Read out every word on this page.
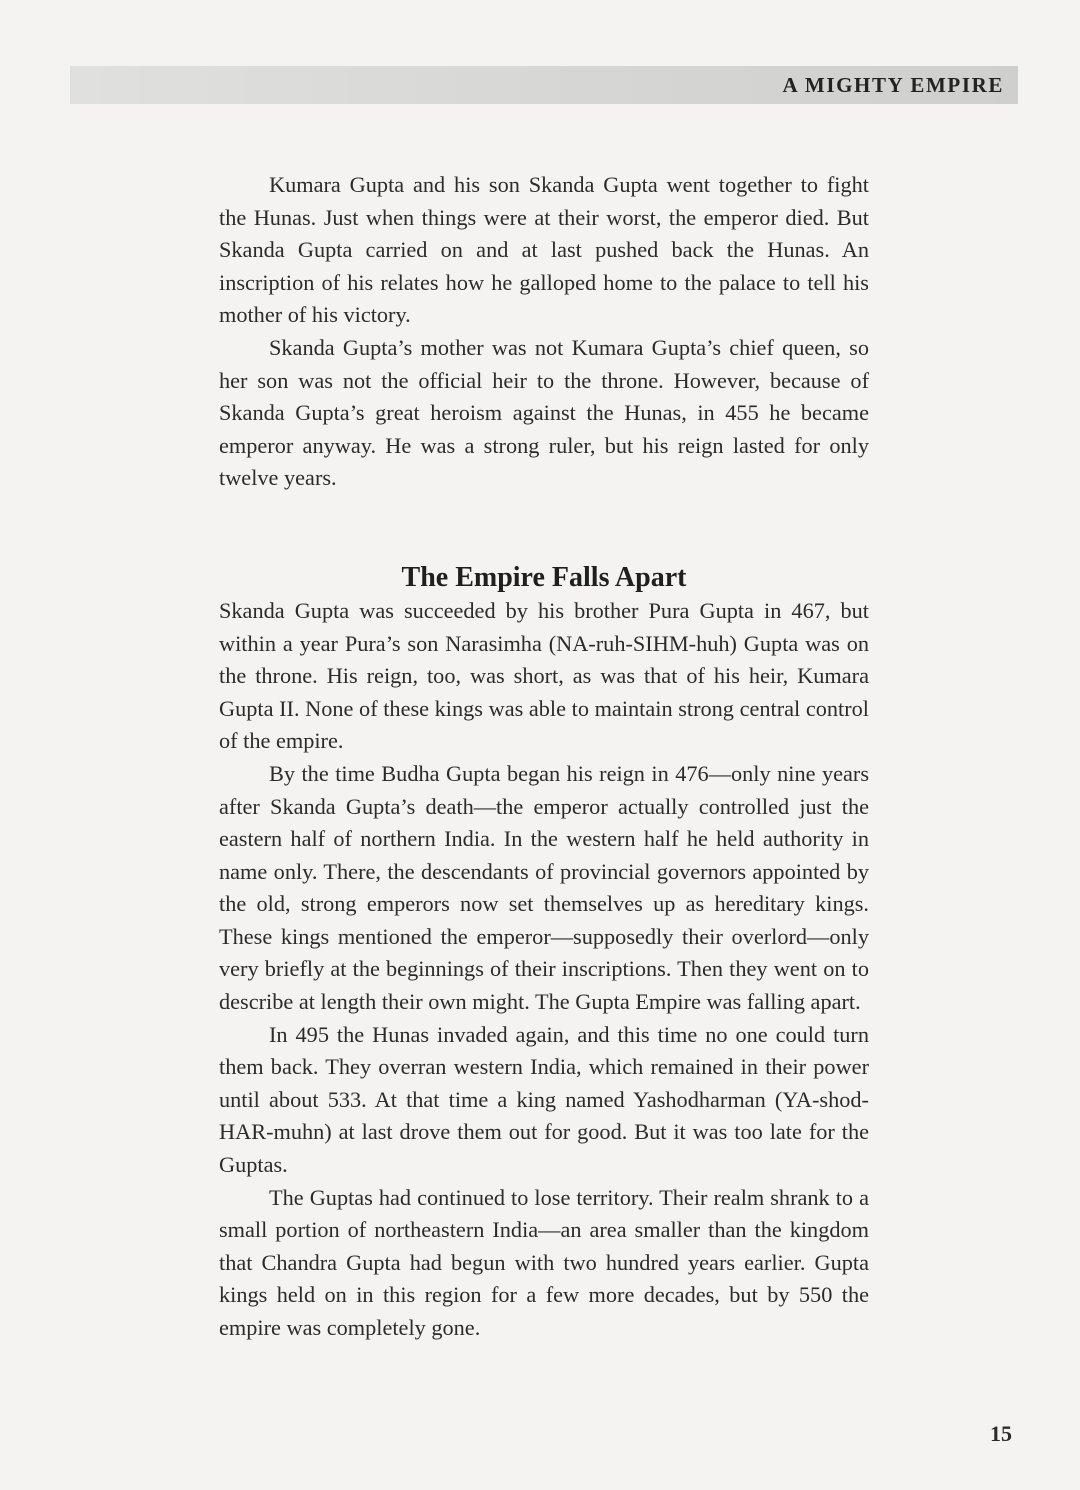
A MIGHTY EMPIRE

Kumara Gupta and his son Skanda Gupta went together to fight the Hunas. Just when things were at their worst, the emperor died. But Skanda Gupta carried on and at last pushed back the Hunas. An inscription of his relates how he galloped home to the palace to tell his mother of his victory.

Skanda Gupta’s mother was not Kumara Gupta’s chief queen, so her son was not the official heir to the throne. However, because of Skanda Gupta’s great heroism against the Hunas, in 455 he became emperor anyway. He was a strong ruler, but his reign lasted for only twelve years.

The Empire Falls Apart

Skanda Gupta was succeeded by his brother Pura Gupta in 467, but within a year Pura’s son Narasimha (NA-ruh-SIHM-huh) Gupta was on the throne. His reign, too, was short, as was that of his heir, Kumara Gupta II. None of these kings was able to maintain strong central control of the empire.

By the time Budha Gupta began his reign in 476—only nine years after Skanda Gupta’s death—the emperor actually controlled just the eastern half of northern India. In the western half he held authority in name only. There, the descendants of provincial governors appointed by the old, strong emperors now set themselves up as hereditary kings. These kings mentioned the emperor—supposedly their overlord—only very briefly at the beginnings of their inscriptions. Then they went on to describe at length their own might. The Gupta Empire was falling apart.

In 495 the Hunas invaded again, and this time no one could turn them back. They overran western India, which remained in their power until about 533. At that time a king named Yashodharman (YA-shod-HAR-muhn) at last drove them out for good. But it was too late for the Guptas.

The Guptas had continued to lose territory. Their realm shrank to a small portion of northeastern India—an area smaller than the kingdom that Chandra Gupta had begun with two hundred years earlier. Gupta kings held on in this region for a few more decades, but by 550 the empire was completely gone.

15
